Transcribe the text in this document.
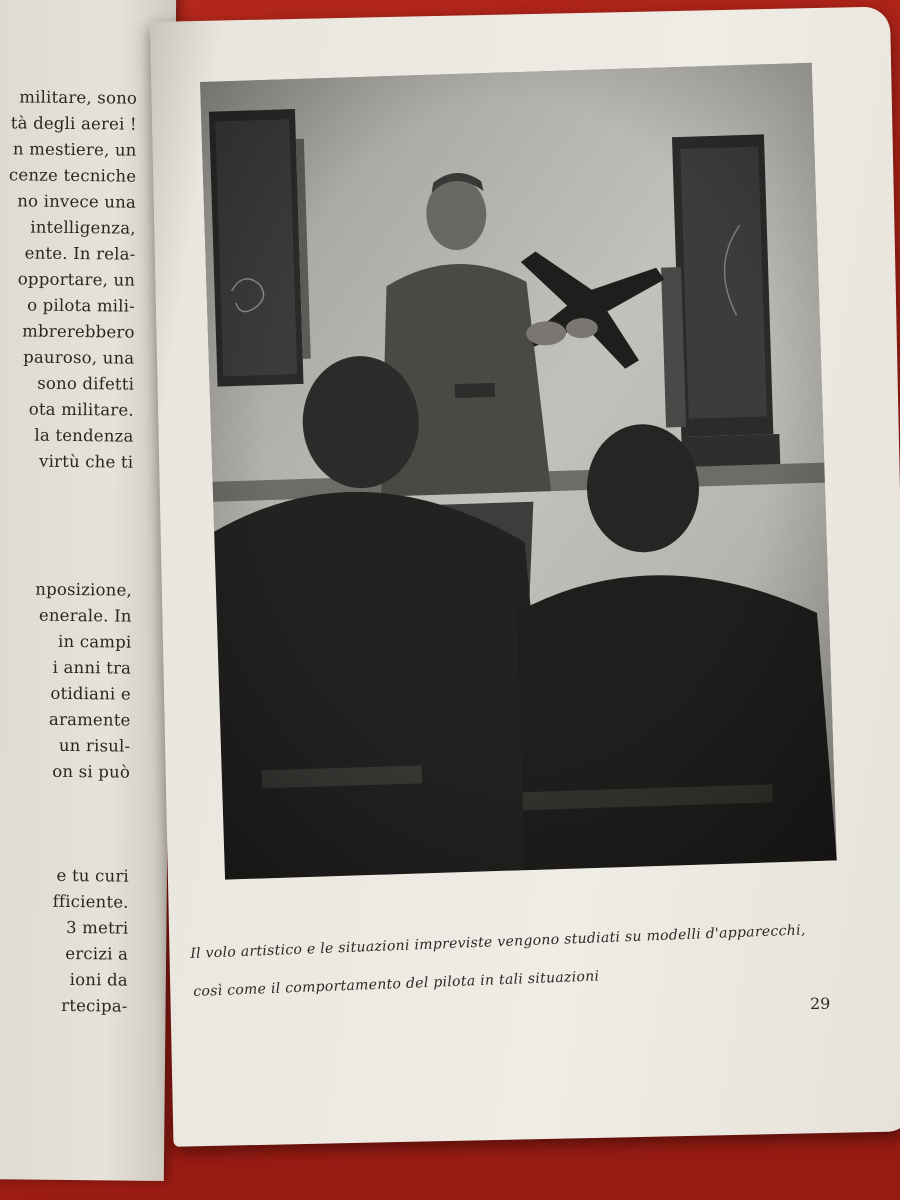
militare, sono
tà degli aerei !
n mestiere, un
cenze tecniche
no invece una
intelligenza,
ente. In rela-
opportare, un
o pilota mili-
mbrerebbero
pauroso, una
sono difetti
ota militare.
la tendenza
virtù che ti
nposizione,
enerale. In
in campi
i anni tra
otidiani e
aramente
un risul-
on si può
e tu curi
fficiente.
3 metri
ercizi a
ioni da
rtecipa-
Il volo artistico e le situazioni impreviste vengono studiati su modelli d'apparecchi,
così come il comportamento del pilota in tali situazioni
29
